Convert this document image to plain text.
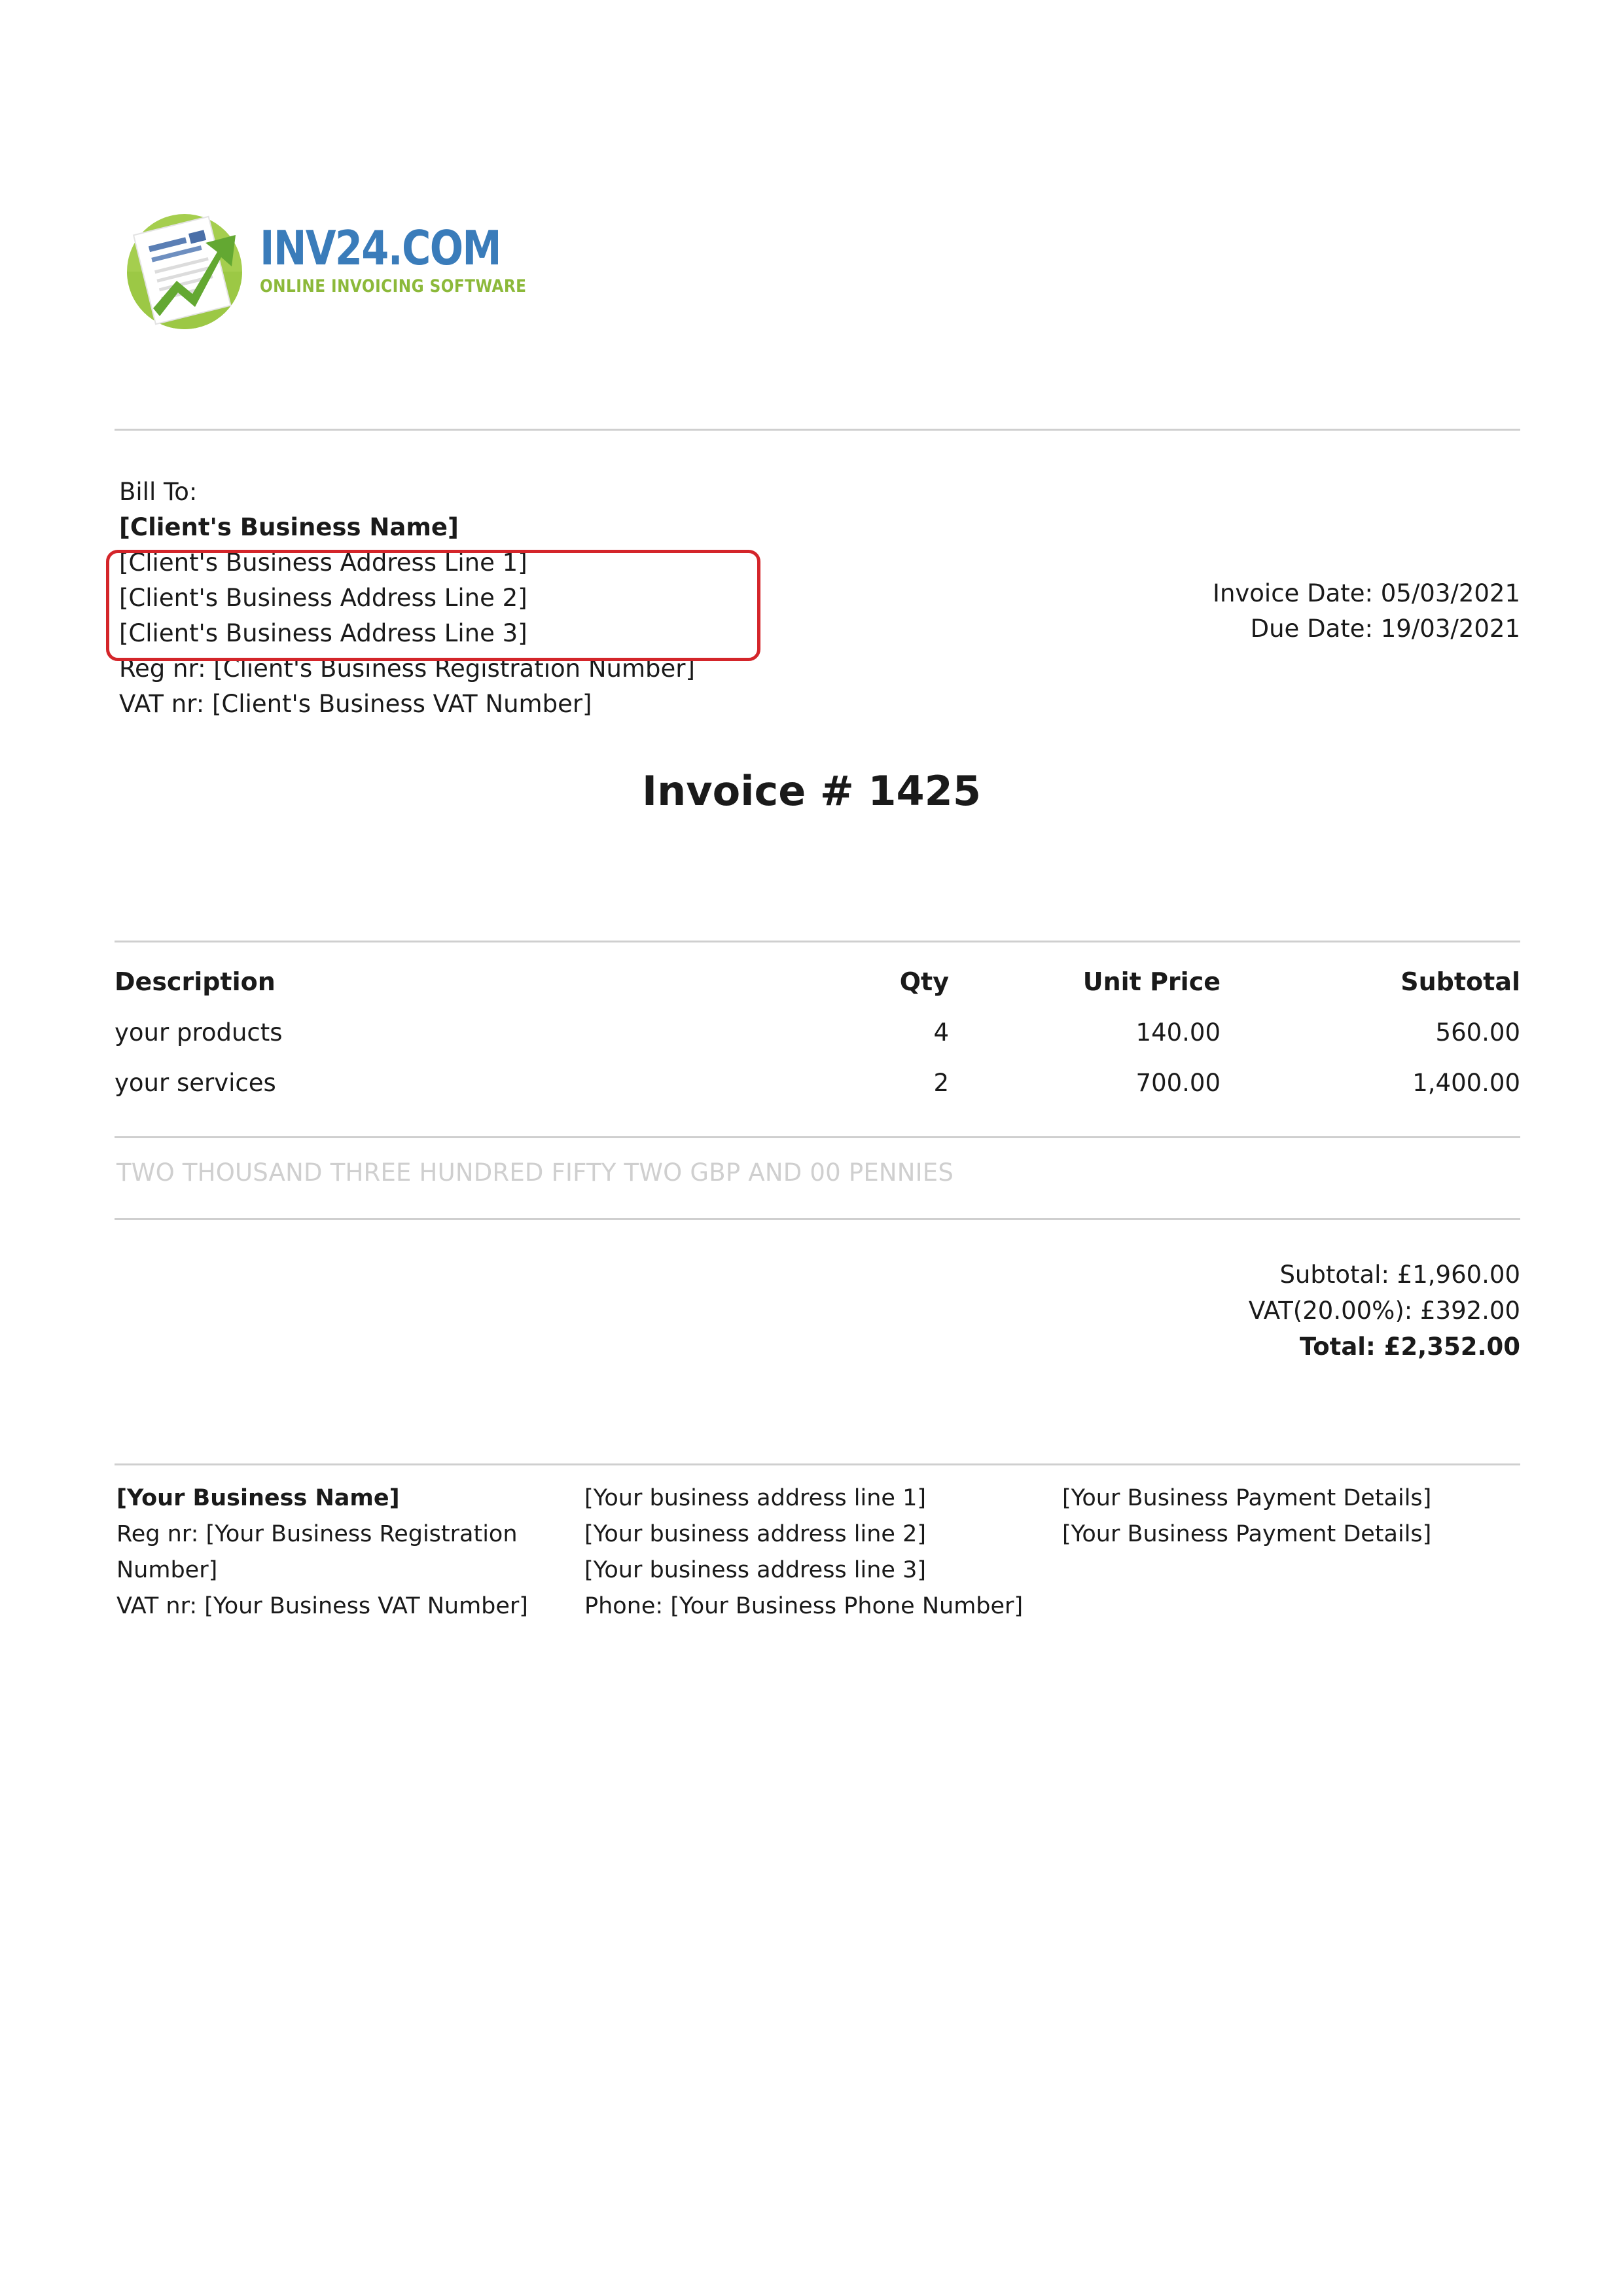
INV24.COM
ONLINE INVOICING SOFTWARE
Bill To:
[Client's Business Name]
[Client's Business Address Line 1]
[Client's Business Address Line 2]
[Client's Business Address Line 3]
Reg nr: [Client's Business Registration Number]
VAT nr: [Client's Business VAT Number]
Invoice Date: 05/03/2021
Due Date: 19/03/2021
Invoice # 1425
Description	Qty	Unit Price	Subtotal
your products	4	140.00	560.00
your services	2	700.00	1,400.00
TWO THOUSAND THREE HUNDRED FIFTY TWO GBP AND 00 PENNIES
Subtotal: £1,960.00
VAT(20.00%): £392.00
Total: £2,352.00
[Your Business Name]
Reg nr: [Your Business Registration Number]
VAT nr: [Your Business VAT Number]
[Your business address line 1]
[Your business address line 2]
[Your business address line 3]
Phone: [Your Business Phone Number]
[Your Business Payment Details]
[Your Business Payment Details]
